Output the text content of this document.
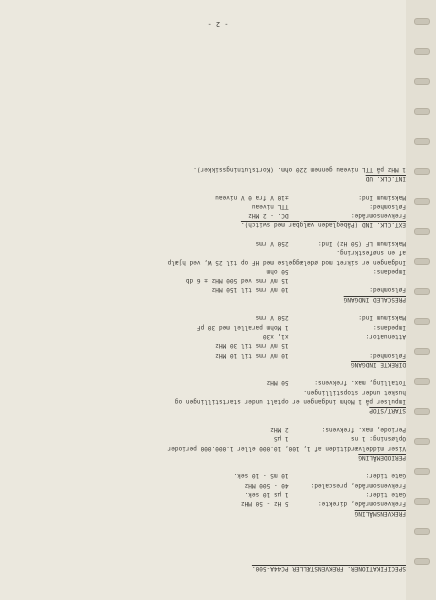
SPECIFIKATIONER. FREKVENSTÆLLER PC44A-500.

FREKVENSMÅLING
Frekvensområde, direkte:        5 Hz - 50 MHz
Gate tider:                     1 µs 10 sek.
Frekvensområde, prescaled:      40 - 500 MHz
Gate tider:                     10 mS - 10 sek.
PERIODEMÅLING
Viser middelværditiden af 1, 100, 10.000 eller 1.000.000 perioder
Opløsning: 1 ns                 1 µS
Periode, max. frekvens:         2 MHz
START/STOP
Impulser på 1 Mohm indgangen er optalt under startstillingen og
husket under stopstillingen.
Totalling, max. frekvens:       50 MHz
DIREKTE INDGANG
Følsomhed:                      10 mV rms til 10 MHz
15 mV rms til 30 MHz
Attenuator:                     x1, x30
Impedans:                       1 Mohm parallel med 30 pF
Maksimum Ind:                   250 V rms
PRESCALED INDGANG
Følsomhed:                      10 mV rms til 150 MHz
15 mV rms ved 500 MHz ± 6 db
Impedans:                       50 ohm
Indgangen er sikret mod ødelæggelse med HF op til 25 W, ved hjælp
af en snøfestkring.
Maksimum LF (50 Hz) Ind:        250 V rms
EXT.CLK. IND (Påbegladen vælgbar med switch).
Frekvensområde:                 DC. - 2 MHz
Følsomhed:                      TTL niveau
Maksimum Ind:                   ±10 V fra 0 V niveau
INT.CLK. UD
1 MHz på TTL niveau gennem 220 ohm. (Kortslutningssikker).

- 2 -
